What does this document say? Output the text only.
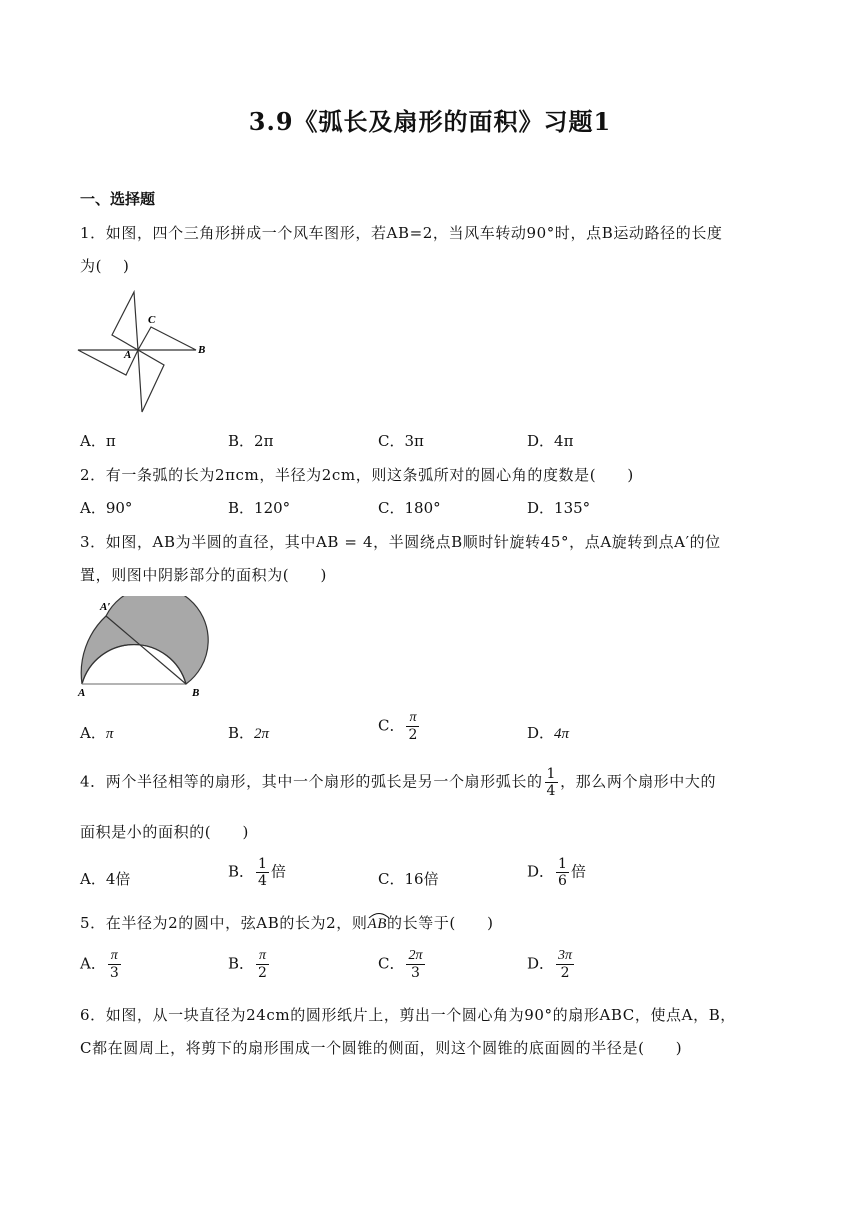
3.9《弧长及扇形的面积》习题1
一、选择题
1．如图，四个三角形拼成一个风车图形，若AB=2，当风车转动90°时，点B运动路径的长度
为(　 )
C
A	B
A．π	B．2π	C．3π	D．4π
2．有一条弧的长为2πcm，半径为2cm，则这条弧所对的圆心角的度数是(　　)
A．90°	B．120°	C．180°	D．135°
3．如图，AB为半圆的直径，其中AB = 4，半圆绕点B顺时针旋转45°，点A旋转到点A′的位
置，则图中阴影部分的面积为(　　)
A′
A	B
A．π	B．2π	C． $\frac{\pi}{2}$	D．4π
4．两个半径相等的扇形，其中一个扇形的弧长是另一个扇形弧长的 $\frac{1}{4}$ ，那么两个扇形中大的
面积是小的面积的(　　)
A．4倍	B． $\frac{1}{4}$ 倍	C．16倍	D． $\frac{1}{6}$ 倍
5．在半径为2的圆中，弦AB的长为2，则
AB的长等于(　　)
A． $\frac{\pi}{3}$	B． $\frac{\pi}{2}$	C． $\frac{2\pi}{3}$	D． $\frac{3\pi}{2}$
6．如图，从一块直径为24cm的圆形纸片上，剪出一个圆心角为90°的扇形ABC，使点A，B，
C都在圆周上，将剪下的扇形围成一个圆锥的侧面，则这个圆锥的底面圆的半径是(　　)
